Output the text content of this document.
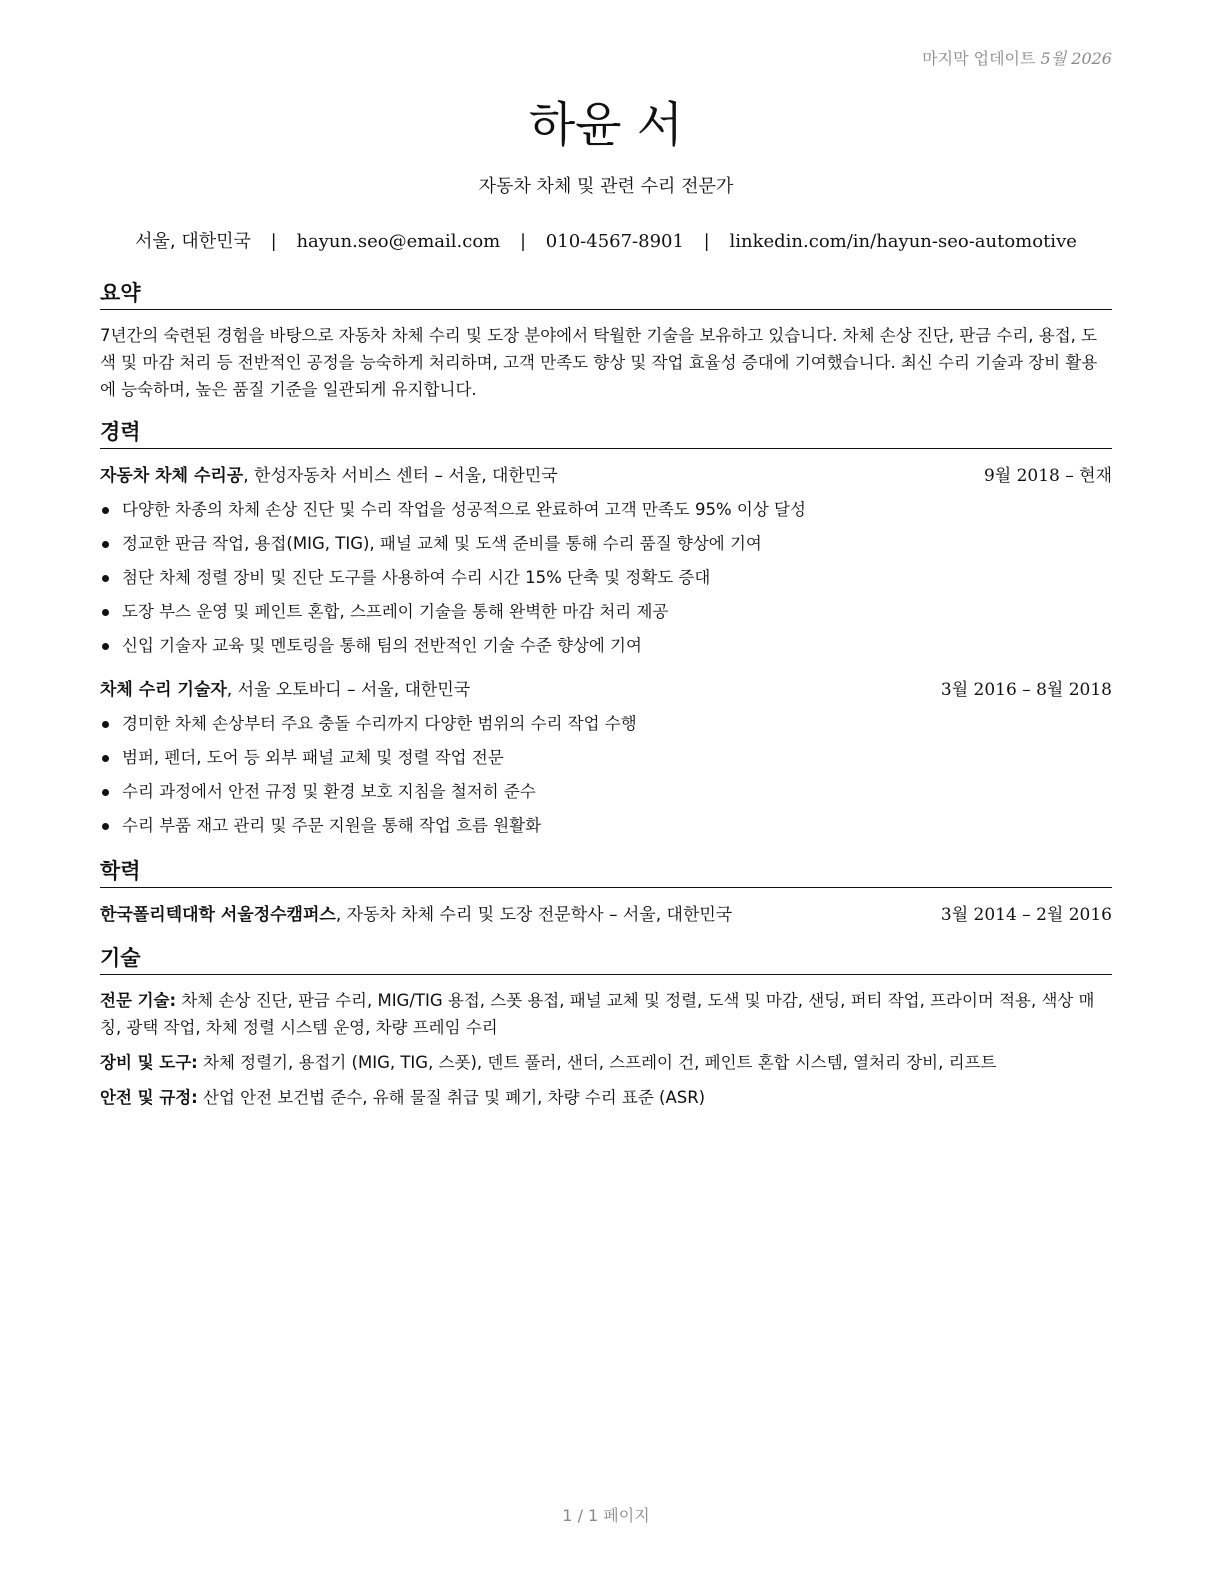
마지막 업데이트 5월 2026
하윤 서
자동차 차체 및 관련 수리 전문가
서울, 대한민국 | hayun.seo@email.com | 010-4567-8901 | linkedin.com/in/hayun-seo-automotive
요약
7년간의 숙련된 경험을 바탕으로 자동차 차체 수리 및 도장 분야에서 탁월한 기술을 보유하고 있습니다. 차체 손상 진단, 판금 수리, 용접, 도색 및 마감 처리 등 전반적인 공정을 능숙하게 처리하며, 고객 만족도 향상 및 작업 효율성 증대에 기여했습니다. 최신 수리 기술과 장비 활용에 능숙하며, 높은 품질 기준을 일관되게 유지합니다.
경력
자동차 차체 수리공, 한성자동차 서비스 센터 – 서울, 대한민국	9월 2018 – 현재
다양한 차종의 차체 손상 진단 및 수리 작업을 성공적으로 완료하여 고객 만족도 95% 이상 달성
정교한 판금 작업, 용접(MIG, TIG), 패널 교체 및 도색 준비를 통해 수리 품질 향상에 기여
첨단 차체 정렬 장비 및 진단 도구를 사용하여 수리 시간 15% 단축 및 정확도 증대
도장 부스 운영 및 페인트 혼합, 스프레이 기술을 통해 완벽한 마감 처리 제공
신입 기술자 교육 및 멘토링을 통해 팀의 전반적인 기술 수준 향상에 기여
차체 수리 기술자, 서울 오토바디 – 서울, 대한민국	3월 2016 – 8월 2018
경미한 차체 손상부터 주요 충돌 수리까지 다양한 범위의 수리 작업 수행
범퍼, 펜더, 도어 등 외부 패널 교체 및 정렬 작업 전문
수리 과정에서 안전 규정 및 환경 보호 지침을 철저히 준수
수리 부품 재고 관리 및 주문 지원을 통해 작업 흐름 원활화
학력
한국폴리텍대학 서울정수캠퍼스, 자동차 차체 수리 및 도장 전문학사 – 서울, 대한민국	3월 2014 – 2월 2016
기술
전문 기술: 차체 손상 진단, 판금 수리, MIG/TIG 용접, 스폿 용접, 패널 교체 및 정렬, 도색 및 마감, 샌딩, 퍼티 작업, 프라이머 적용, 색상 매칭, 광택 작업, 차체 정렬 시스템 운영, 차량 프레임 수리
장비 및 도구: 차체 정렬기, 용접기 (MIG, TIG, 스폿), 덴트 풀러, 샌더, 스프레이 건, 페인트 혼합 시스템, 열처리 장비, 리프트
안전 및 규정: 산업 안전 보건법 준수, 유해 물질 취급 및 폐기, 차량 수리 표준 (ASR)
1 / 1 페이지
